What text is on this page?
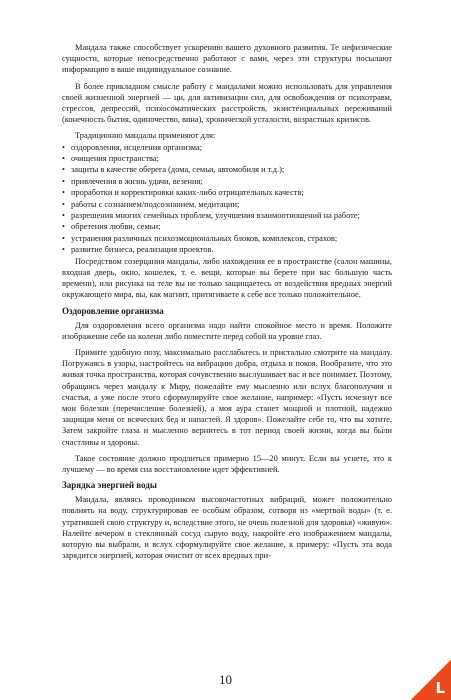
Мандала также способствует ускорению вашего духовного развития. Те нефизические сущности, которые непосредственно работают с вами, через эти структуры посылают информацию в ваше индивидуальное сознание.

В более прикладном смысле работу с мандалами можно использовать для управления своей жизненной энергией — ци, для активизации сил, для освобождения от психотравм, стрессов, депрессий, психосоматических расстройств, экзистенциальных переживаний (конечность бытия, одиночество, вина), хронической усталости, возрастных кризисов.

Традиционно мандалы применяют для:

• оздоровления, исцеления организма;
• очищения пространства;
• защиты в качестве оберега (дома, семьи, автомобиля и т.д.);
• привлечения в жизнь удачи, везения;
• проработки и корректировки каких-либо отрицательных качеств;
• работы с сознанием/подсознанием, медитации;
• разрешения многих семейных проблем, улучшения взаимоотношений на работе;
• обретения любви, семьи;
• устранения различных психоэмоциональных блоков, комплексов, страхов;
• развитие бизнеса, реализация проектов.

Посредством созерцания мандалы, либо нахождения ее в пространстве (салон машины, входная дверь, окно, кошелек, т. е. вещи, которые вы берете при вас большую часть времени), или рисунка на теле вы не только защищаетесь от воздействия вредных энергий окружающего мира, вы, как магнит, притягиваете к себе все только положительное.

Оздоровление организма

Для оздоровления всего организма надо найти спокойное место и время. Положите изображение себе на колени либо поместите перед собой на уровне глаз.

Примите удобную позу, максимально расслабьтесь и пристально смотрите на мандалу. Погружаясь в узоры, настройтесь на вибрацию добра, отдыха и покоя. Вообразите, что это живая точка пространства, которая сочувственно выслушивает вас и все понимает. Поэтому, обращаясь через мандалу к Миру, пожелайте ему мысленно или вслух благополучия и счастья, а уже после этого сформулируйте свое желание, например: «Пусть исчезнут все мои болезни (перечисление болезней), а моя аура станет мощной и плотной, надежно защищая меня от всяческих бед и напастей. Я здоров». Пожелайте себе то, что вы хотите. Затем закройте глаза и мысленно вернитесь в тот период своей жизни, когда вы были счастливы и здоровы.

Такое состояние должно продлиться примерно 15—20 минут. Если вы уснете, это к лучшему — во время сна восстановление идет эффективней.

Зарядка энергией воды

Мандала, являясь проводником высокочастотных вибраций, может положительно повлиять на воду, структурировав ее особым образом, сотворя из «мертвой воды» (т. е. утратившей свою структуру и, вследствие этого, не очень полезной для здоровья) «живую». Налейте вечером в стеклянный сосуд сырую воду, накройте его изображением мандалы, которую вы выбрали, и вслух сформулируйте свое желание, к примеру: «Пусть эта вода зарядится энергией, которая очистит от всех вредных при-

10	L
